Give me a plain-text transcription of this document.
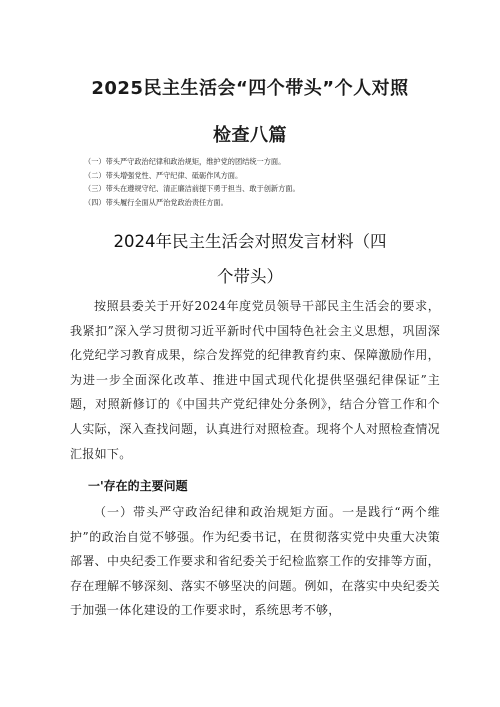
2025民主生活会“四个带头”个人对照
检查八篇
（一）带头严守政治纪律和政治规矩，维护党的团结统一方面。
（二）带头增强党性、严守纪律、砥砺作风方面。
（三）带头在遵规守纪、清正廉洁前提下勇于担当、敢于创新方面。
（四）带头履行全面从严治党政治责任方面。
2024年民主生活会对照发言材料（四
个带头）

按照县委关于开好2024年度党员领导干部民主生活会的要求，我紧扣”深入学习贯彻习近平新时代中国特色社会主义思想，巩固深化党纪学习教育成果，综合发挥党的纪律教育约束、保障激励作用，为进一步全面深化改革、推进中国式现代化提供坚强纪律保证”主题，对照新修订的《中国共产党纪律处分条例》，结合分管工作和个人实际，深入查找问题，认真进行对照检查。现将个人对照检查情况汇报如下。

一'存在的主要问题

（一）带头严守政治纪律和政治规矩方面。一是践行“两个维护”的政治自觉不够强。作为纪委书记，在贯彻落实党中央重大决策部署、中央纪委工作要求和省纪委关于纪检监察工作的安排等方面，存在理解不够深刻、落实不够坚决的问题。例如，在落实中央纪委关于加强一体化建设的工作要求时，系统思考不够，
